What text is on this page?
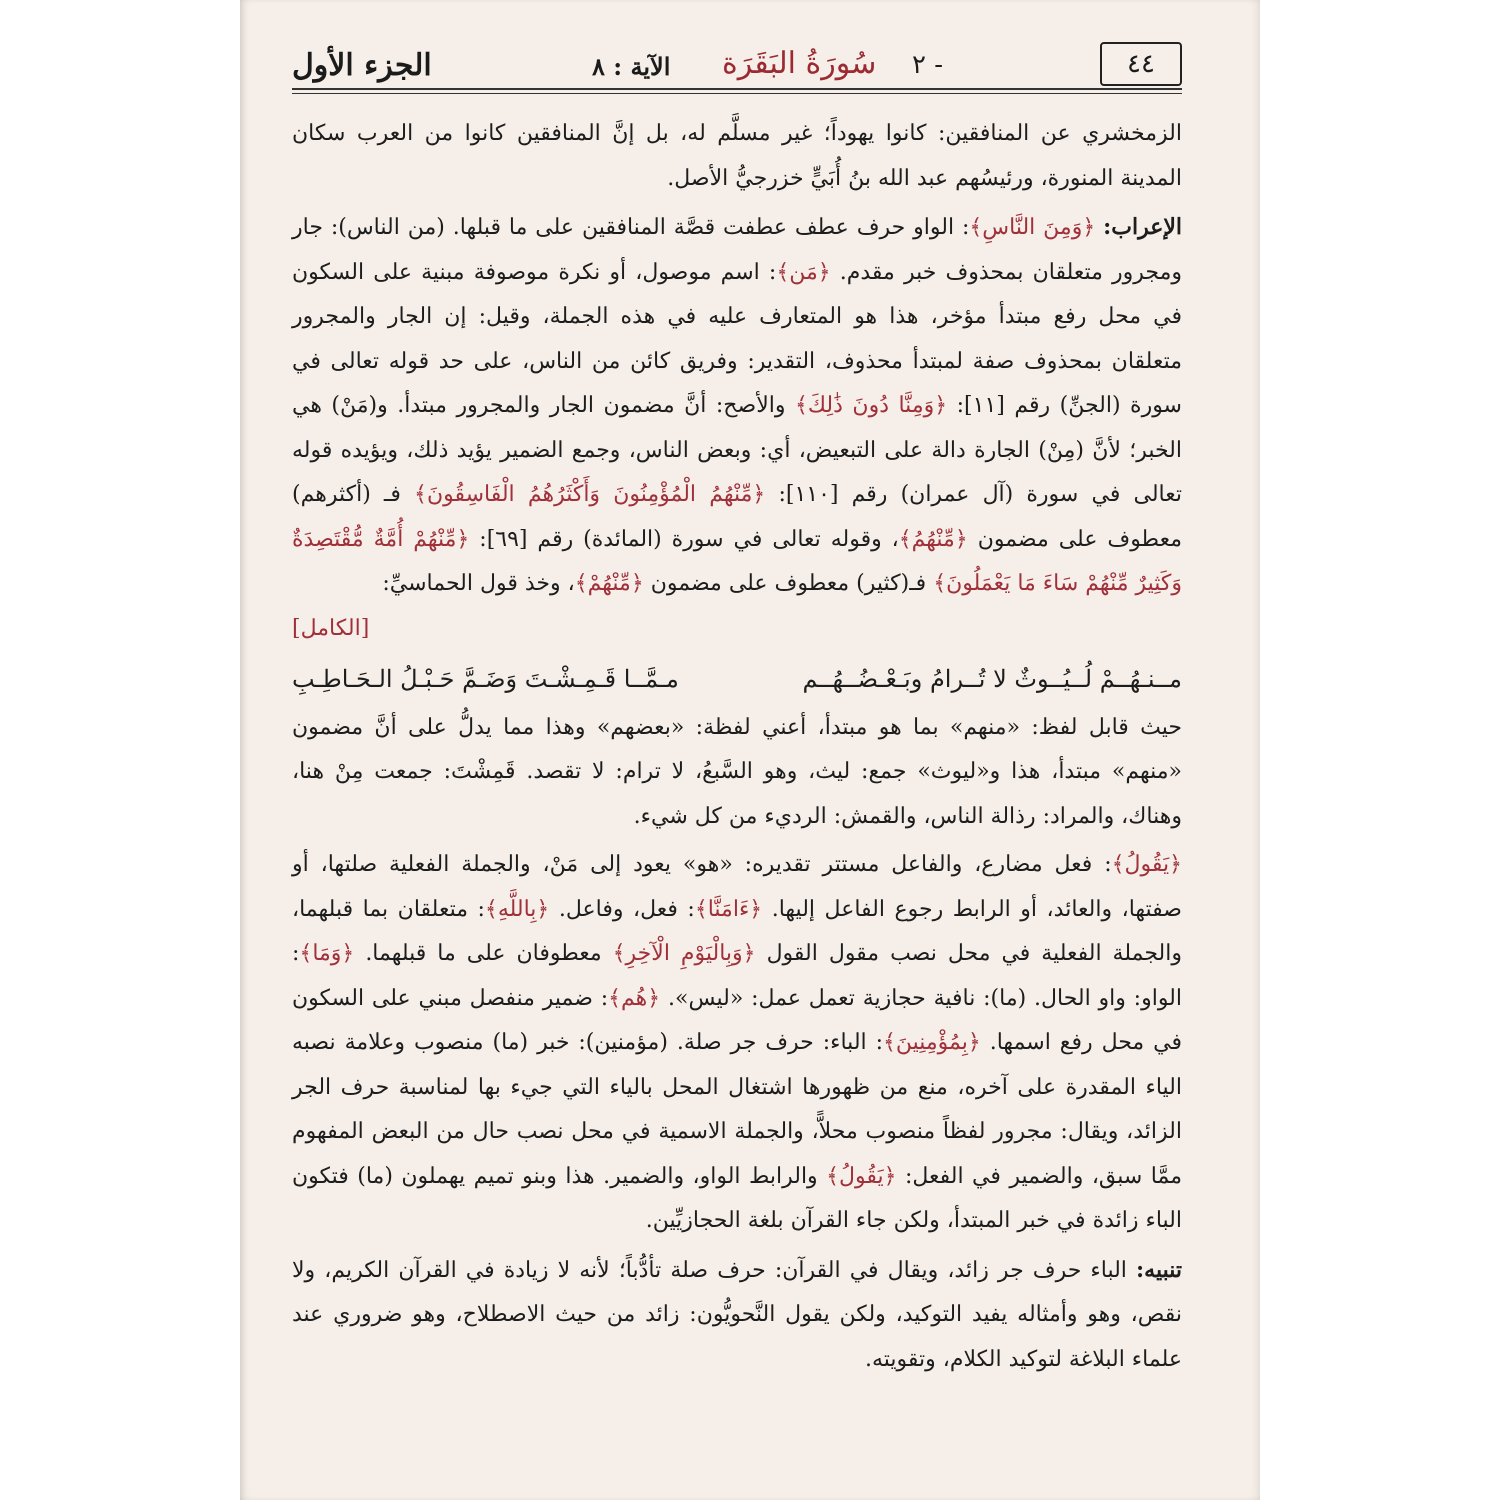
الجزء الأول	الآية : ٨ سُورَةُ البَقَرَة ٢ -	٤٤

الزمخشري عن المنافقين: كانوا يهوداً؛ غير مسلَّم له، بل إنَّ المنافقين كانوا من العرب سكان المدينة المنورة، ورئيسُهم عبد الله بنُ أُبَيٍّ خزرجيُّ الأصل.

الإعراب: ﴿وَمِنَ النَّاسِ﴾: الواو حرف عطف عطفت قصَّة المنافقين على ما قبلها. (من الناس): جار ومجرور متعلقان بمحذوف خبر مقدم. ﴿مَن﴾: اسم موصول، أو نكرة موصوفة مبنية على السكون في محل رفع مبتدأ مؤخر، هذا هو المتعارف عليه في هذه الجملة، وقيل: إن الجار والمجرور متعلقان بمحذوف صفة لمبتدأ محذوف، التقدير: وفريق كائن من الناس، على حد قوله تعالى في سورة (الجنِّ) رقم [١١]: ﴿وَمِنَّا دُونَ ذَٰلِكَ﴾ والأصح: أنَّ مضمون الجار والمجرور مبتدأ. و(مَنْ) هي الخبر؛ لأنَّ (مِنْ) الجارة دالة على التبعيض، أي: وبعض الناس، وجمع الضمير يؤيد ذلك، ويؤيده قوله تعالى في سورة (آل عمران) رقم [١١٠]: ﴿مِّنْهُمُ الْمُؤْمِنُونَ وَأَكْثَرُهُمُ الْفَاسِقُونَ﴾ فـ (أكثرهم) معطوف على مضمون ﴿مِّنْهُمُ﴾، وقوله تعالى في سورة (المائدة) رقم [٦٩]: ﴿مِّنْهُمْ أُمَّةٌ مُّقْتَصِدَةٌ وَكَثِيرٌ مِّنْهُمْ سَاءَ مَا يَعْمَلُونَ﴾ فـ(كثير) معطوف على مضمون ﴿مِّنْهُمْ﴾، وخذ قول الحماسيِّ:
[الكامل]

مــنـهُــمْ لُــيُــوثٌ لا تُــرامُ وبَـعْـضُــهُــم
مـمَّــا قَـمِـشْـتَ وَضَـمَّ حَـبْـلُ الـحَـاطِـبِ

حيث قابل لفظ: «منهم» بما هو مبتدأ، أعني لفظة: «بعضهم» وهذا مما يدلُّ على أنَّ مضمون «منهم» مبتدأ، هذا و«ليوث» جمع: ليث، وهو السَّبعُ، لا ترام: لا تقصد. قَمِشْتَ: جمعت مِنْ هنا، وهناك، والمراد: رذالة الناس، والقمش: الرديء من كل شيء.

﴿يَقُولُ﴾: فعل مضارع، والفاعل مستتر تقديره: «هو» يعود إلى مَنْ، والجملة الفعلية صلتها، أو صفتها، والعائد، أو الرابط رجوع الفاعل إليها. ﴿ءَامَنَّا﴾: فعل، وفاعل. ﴿بِاللَّهِ﴾: متعلقان بما قبلهما، والجملة الفعلية في محل نصب مقول القول ﴿وَبِالْيَوْمِ الْآخِرِ﴾ معطوفان على ما قبلهما. ﴿وَمَا﴾: الواو: واو الحال. (ما): نافية حجازية تعمل عمل: «ليس». ﴿هُم﴾: ضمير منفصل مبني على السكون في محل رفع اسمها. ﴿بِمُؤْمِنِينَ﴾: الباء: حرف جر صلة. (مؤمنين): خبر (ما) منصوب وعلامة نصبه الياء المقدرة على آخره، منع من ظهورها اشتغال المحل بالياء التي جيء بها لمناسبة حرف الجر الزائد، ويقال: مجرور لفظاً منصوب محلاًّ، والجملة الاسمية في محل نصب حال من البعض المفهوم ممَّا سبق، والضمير في الفعل: ﴿يَقُولُ﴾ والرابط الواو، والضمير. هذا وبنو تميم يهملون (ما) فتكون الباء زائدة في خبر المبتدأ، ولكن جاء القرآن بلغة الحجازيِّين.

تنبيه: الباء حرف جر زائد، ويقال في القرآن: حرف صلة تأدُّباً؛ لأنه لا زيادة في القرآن الكريم، ولا نقص، وهو وأمثاله يفيد التوكيد، ولكن يقول النَّحويُّون: زائد من حيث الاصطلاح، وهو ضروري عند علماء البلاغة لتوكيد الكلام، وتقويته.
